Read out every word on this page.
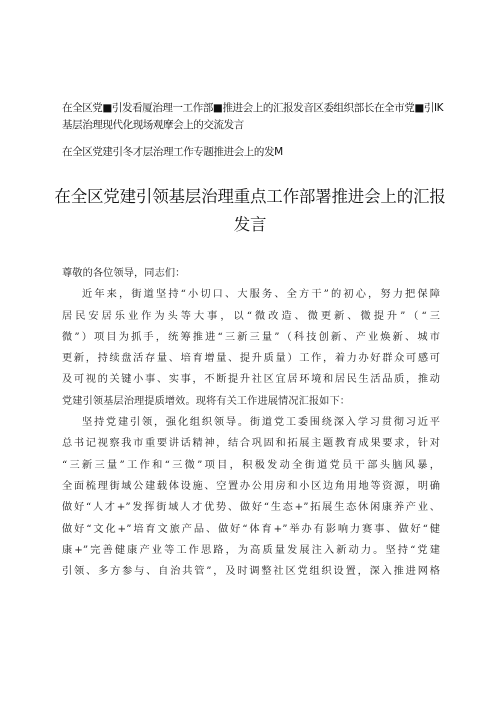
在全区党■引发看厦治理一工作部■推进会上的汇报发音区委组织部长在全市党■引IK

基层治理现代化现场观摩会上的交流发言

在全区党建引冬才层治理工作专题推进会上的发M

在全区党建引领基层治理重点工作部署推进会上的汇报
发言
尊敬的各位领导，同志们：
近年来，街道坚持“小切口、大服务、全方干”的初心，努力把保障
居民安居乐业作为头等大事，以“微改造、微更新、微提升”（“三
微”）项目为抓手，统筹推进“三新三量”（科技创新、产业焕新、城市
更新，持续盘活存量、培育增量、提升质量）工作，着力办好群众可感可
及可视的关键小事、实事，不断提升社区宜居环境和居民生活品质，推动
党建引领基层治理提质增效。现将有关工作进展情况汇报如下：
坚持党建引领，强化组织领导。街道党工委围绕深入学习贯彻习近平
总书记视察我市重要讲话精神，结合巩固和拓展主题教育成果要求，针对
“三新三量”工作和“三微”项目，积极发动全街道党员干部头脑风暴，
全面梳理街域公建载体设施、空置办公用房和小区边角用地等资源，明确
做好“人才+”发挥街域人才优势、做好“生态+”拓展生态休闲康养产业、
做好“文化+”培育文旅产品、做好“体育+”举办有影响力赛事、做好“健
康+”完善健康产业等工作思路，为高质量发展注入新动力。坚持“党建
引领、多方参与、自治共管”，及时调整社区党组织设置，深入推进网格
